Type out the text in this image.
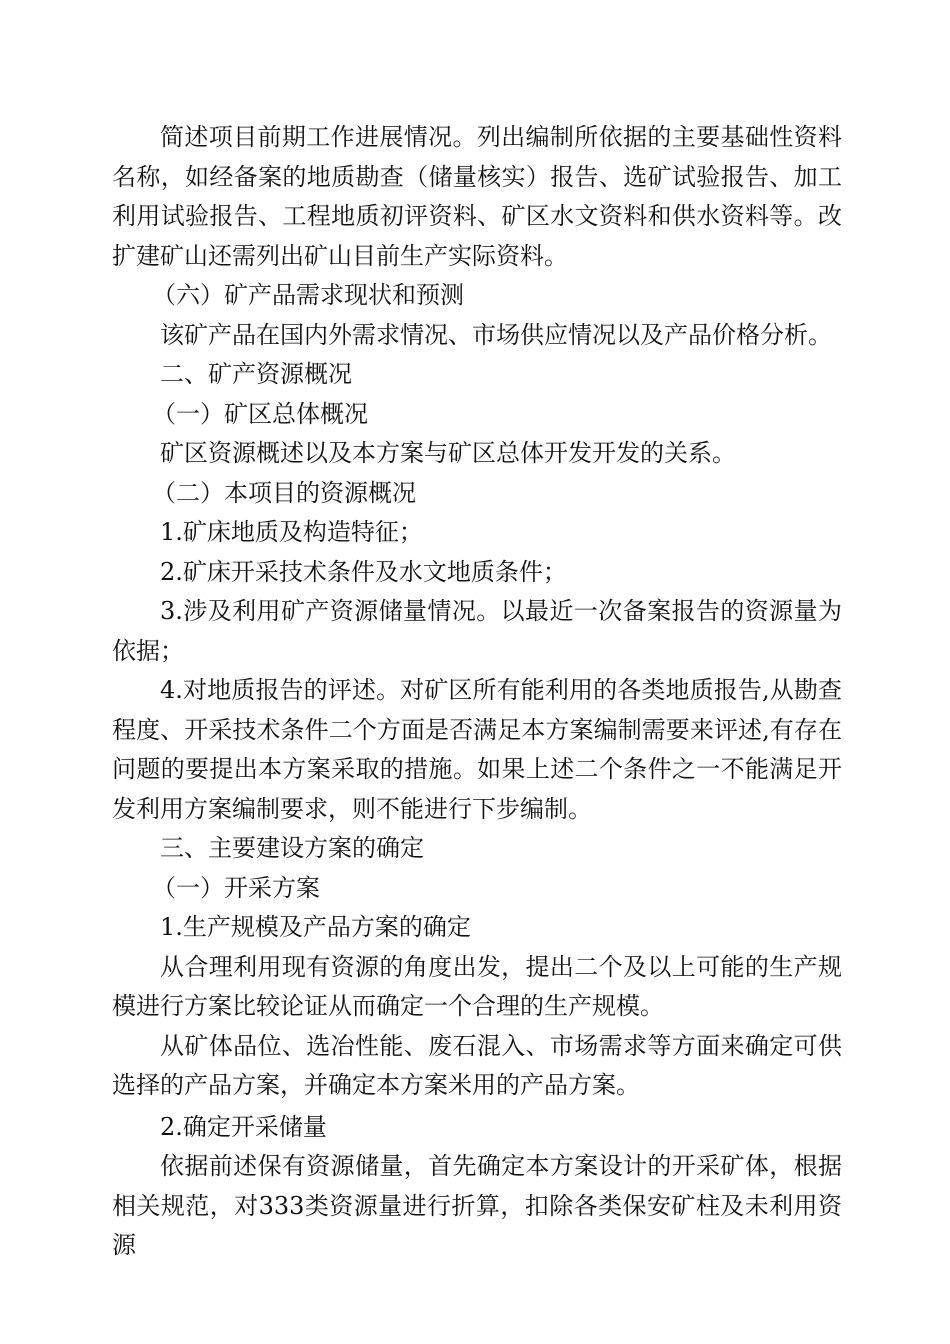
简述项目前期工作进展情况。列出编制所依据的主要基础性资料名称，如经备案的地质勘查（储量核实）报告、选矿试验报告、加工利用试验报告、工程地质初评资料、矿区水文资料和供水资料等。改扩建矿山还需列出矿山目前生产实际资料。

（六）矿产品需求现状和预测

该矿产品在国内外需求情况、市场供应情况以及产品价格分析。

二、矿产资源概况

（一）矿区总体概况

矿区资源概述以及本方案与矿区总体开发开发的关系。

（二）本项目的资源概况

1.矿床地质及构造特征；

2.矿床开采技术条件及水文地质条件；

3.涉及利用矿产资源储量情况。以最近一次备案报告的资源量为依据；

4.对地质报告的评述。对矿区所有能利用的各类地质报告,从勘查程度、开采技术条件二个方面是否满足本方案编制需要来评述,有存在问题的要提出本方案采取的措施。如果上述二个条件之一不能满足开发利用方案编制要求，则不能进行下步编制。

三、主要建设方案的确定

（一）开采方案

1.生产规模及产品方案的确定

从合理利用现有资源的角度出发，提出二个及以上可能的生产规模进行方案比较论证从而确定一个合理的生产规模。

从矿体品位、选冶性能、废石混入、市场需求等方面来确定可供选择的产品方案，并确定本方案米用的产品方案。

2.确定开采储量

依据前述保有资源储量，首先确定本方案设计的开采矿体，根据相关规范，对333类资源量进行折算，扣除各类保安矿柱及未利用资源
